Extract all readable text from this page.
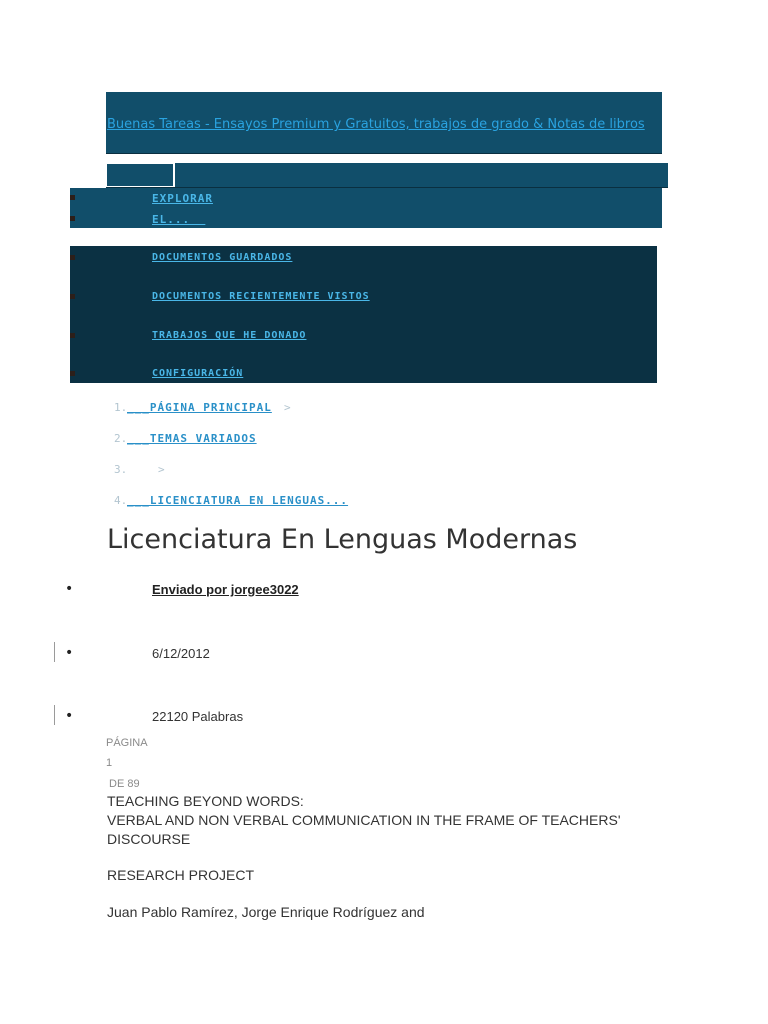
Buenas Tareas - Ensayos Premium y Gratuitos, trabajos de grado & Notas de libros
EXPLORAR
EL...
DOCUMENTOS GUARDADOS
DOCUMENTOS RECIENTEMENTE VISTOS
TRABAJOS QUE HE DONADO
CONFIGURACIÓN
1. ___PÁGINA PRINCIPAL >
2. ___TEMAS VARIADOS
3.	>
4. ___LICENCIATURA EN LENGUAS...
Licenciatura En Lenguas Modernas
•	Enviado por jorgee3022
•	6/12/2012
•	22120 Palabras
PÁGINA
1
DE 89
TEACHING BEYOND WORDS:
VERBAL AND NON VERBAL COMMUNICATION IN THE FRAME OF TEACHERS' DISCOURSE
RESEARCH PROJECT
Juan Pablo Ramírez, Jorge Enrique Rodríguez and
